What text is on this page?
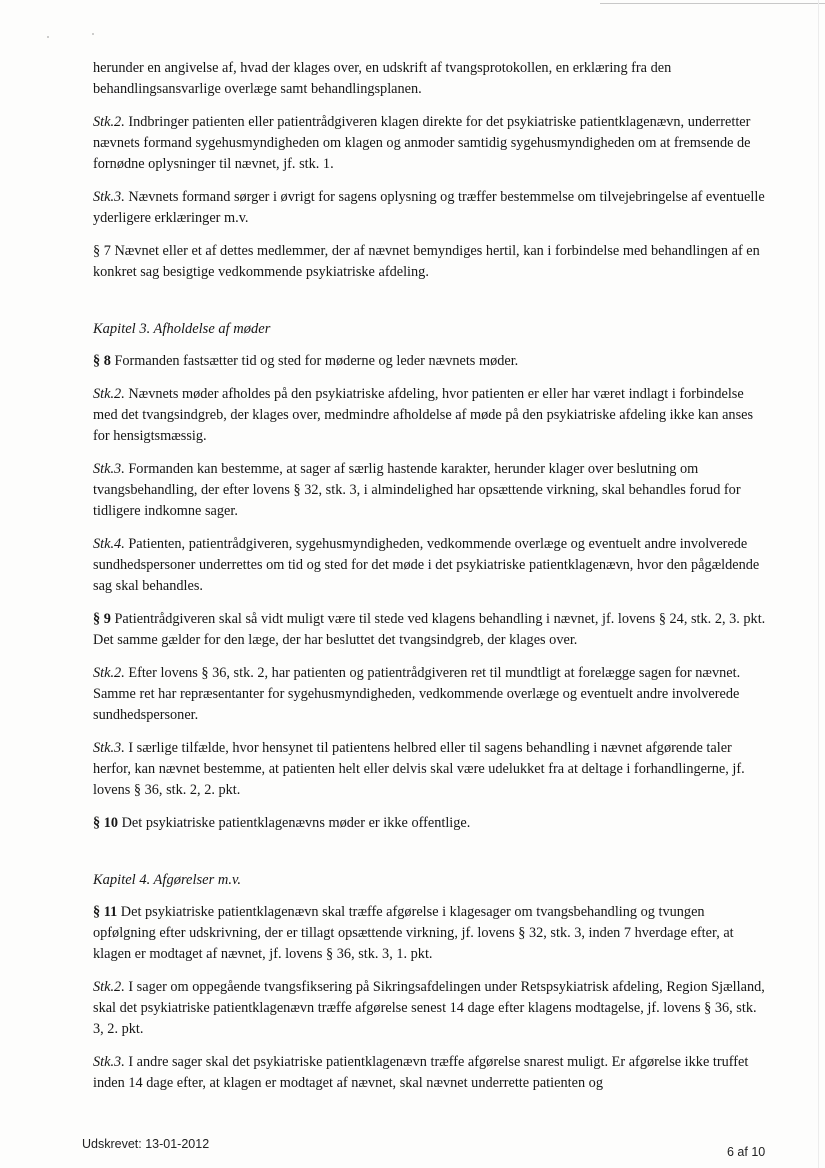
herunder en angivelse af, hvad der klages over, en udskrift af tvangsprotokollen, en erklæring fra den behandlingsansvarlige overlæge samt behandlingsplanen.

Stk.2. Indbringer patienten eller patientrådgiveren klagen direkte for det psykiatriske patientklagenævn, underretter nævnets formand sygehusmyndigheden om klagen og anmoder samtidig sygehusmyndigheden om at fremsende de fornødne oplysninger til nævnet, jf. stk. 1.

Stk.3. Nævnets formand sørger i øvrigt for sagens oplysning og træffer bestemmelse om tilvejebringelse af eventuelle yderligere erklæringer m.v.

§ 7 Nævnet eller et af dettes medlemmer, der af nævnet bemyndiges hertil, kan i forbindelse med behandlingen af en konkret sag besigtige vedkommende psykiatriske afdeling.

Kapitel 3. Afholdelse af møder

§ 8 Formanden fastsætter tid og sted for møderne og leder nævnets møder.

Stk.2. Nævnets møder afholdes på den psykiatriske afdeling, hvor patienten er eller har været indlagt i forbindelse med det tvangsindgreb, der klages over, medmindre afholdelse af møde på den psykiatriske afdeling ikke kan anses for hensigtsmæssig.

Stk.3. Formanden kan bestemme, at sager af særlig hastende karakter, herunder klager over beslutning om tvangsbehandling, der efter lovens § 32, stk. 3, i almindelighed har opsættende virkning, skal behandles forud for tidligere indkomne sager.

Stk.4. Patienten, patientrådgiveren, sygehusmyndigheden, vedkommende overlæge og eventuelt andre involverede sundhedspersoner underrettes om tid og sted for det møde i det psykiatriske patientklagenævn, hvor den pågældende sag skal behandles.

§ 9 Patientrådgiveren skal så vidt muligt være til stede ved klagens behandling i nævnet, jf. lovens § 24, stk. 2, 3. pkt. Det samme gælder for den læge, der har besluttet det tvangsindgreb, der klages over.

Stk.2. Efter lovens § 36, stk. 2, har patienten og patientrådgiveren ret til mundtligt at forelægge sagen for nævnet. Samme ret har repræsentanter for sygehusmyndigheden, vedkommende overlæge og eventuelt andre involverede sundhedspersoner.

Stk.3. I særlige tilfælde, hvor hensynet til patientens helbred eller til sagens behandling i nævnet afgørende taler herfor, kan nævnet bestemme, at patienten helt eller delvis skal være udelukket fra at deltage i forhandlingerne, jf. lovens § 36, stk. 2, 2. pkt.

§ 10 Det psykiatriske patientklagenævns møder er ikke offentlige.

Kapitel 4. Afgørelser m.v.

§ 11 Det psykiatriske patientklagenævn skal træffe afgørelse i klagesager om tvangsbehandling og tvungen opfølgning efter udskrivning, der er tillagt opsættende virkning, jf. lovens § 32, stk. 3, inden 7 hverdage efter, at klagen er modtaget af nævnet, jf. lovens § 36, stk. 3, 1. pkt.

Stk.2. I sager om oppegående tvangsfiksering på Sikringsafdelingen under Retspsykiatrisk afdeling, Region Sjælland, skal det psykiatriske patientklagenævn træffe afgørelse senest 14 dage efter klagens modtagelse, jf. lovens § 36, stk. 3, 2. pkt.

Stk.3. I andre sager skal det psykiatriske patientklagenævn træffe afgørelse snarest muligt. Er afgørelse ikke truffet inden 14 dage efter, at klagen er modtaget af nævnet, skal nævnet underrette patienten og

Udskrevet: 13-01-2012
6 af 10
